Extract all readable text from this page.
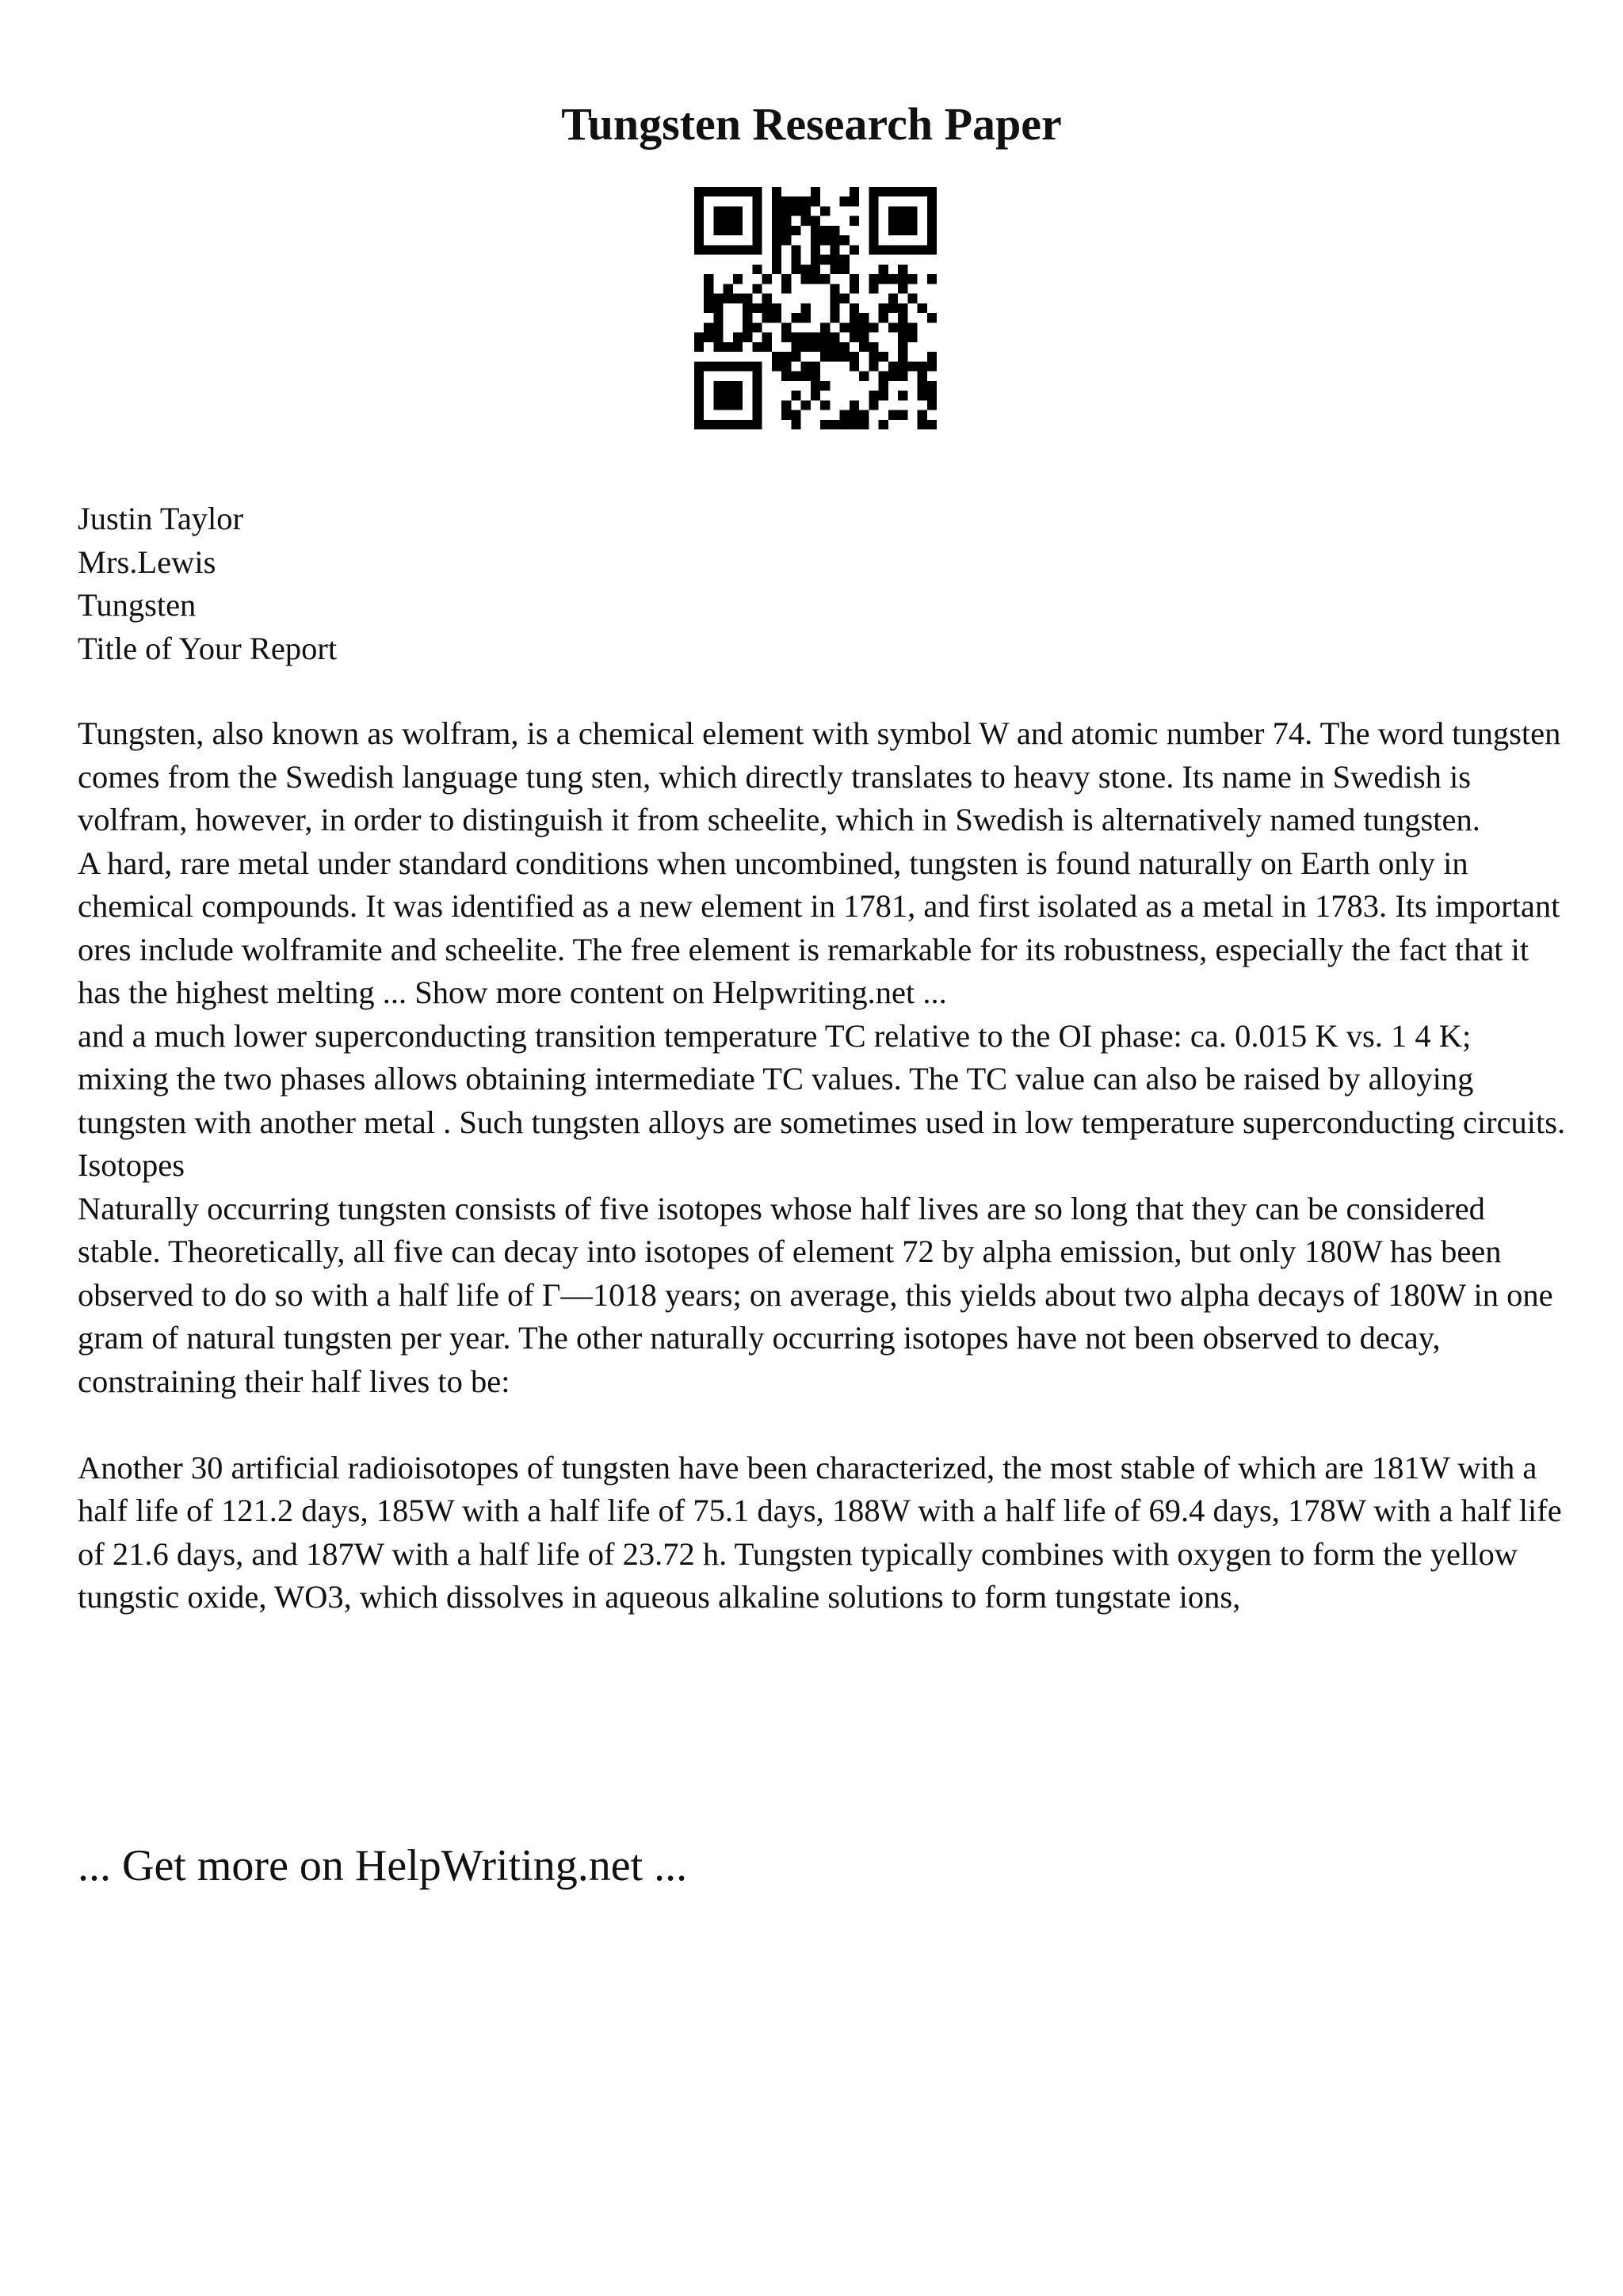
Tungsten Research Paper
Justin Taylor
Mrs.Lewis
Tungsten
Title of Your Report

Tungsten, also known as wolfram, is a chemical element with symbol W and atomic number 74. The word tungsten comes from the Swedish language tung sten, which directly translates to heavy stone. Its name in Swedish is volfram, however, in order to distinguish it from scheelite, which in Swedish is alternatively named tungsten.

A hard, rare metal under standard conditions when uncombined, tungsten is found naturally on Earth only in chemical compounds. It was identified as a new element in 1781, and first isolated as a metal in 1783. Its important ores include wolframite and scheelite. The free element is remarkable for its robustness, especially the fact that it has the highest melting ... Show more content on Helpwriting.net ...

and a much lower superconducting transition temperature TC relative to the OI phase: ca. 0.015 K vs. 1 4 K; mixing the two phases allows obtaining intermediate TC values. The TC value can also be raised by alloying tungsten with another metal . Such tungsten alloys are sometimes used in low temperature superconducting circuits.

Isotopes

Naturally occurring tungsten consists of five isotopes whose half lives are so long that they can be considered stable. Theoretically, all five can decay into isotopes of element 72 by alpha emission, but only 180W has been observed to do so with a half life of Γ—1018 years; on average, this yields about two alpha decays of 180W in one gram of natural tungsten per year. The other naturally occurring isotopes have not been observed to decay, constraining their half lives to be:

Another 30 artificial radioisotopes of tungsten have been characterized, the most stable of which are 181W with a half life of 121.2 days, 185W with a half life of 75.1 days, 188W with a half life of 69.4 days, 178W with a half life of 21.6 days, and 187W with a half life of 23.72 h. Tungsten typically combines with oxygen to form the yellow tungstic oxide, WO3, which dissolves in aqueous alkaline solutions to form tungstate ions,

... Get more on HelpWriting.net ...
